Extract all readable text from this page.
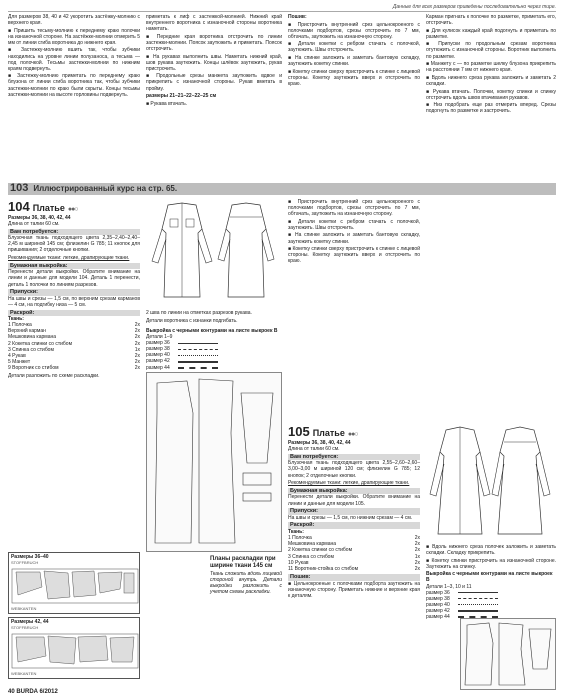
Данные для всех размеров приведены последовательно через тире.
Для размеров 38, 40 и 42 укоротить застёжку-молнию с верхнего края.
■ Пришить тесьму-молнию к переднему краю полочки на изнаночной стороне. На застёжке-молнии отмерить 5 мм от линии сгиба воротника до нижнего края.
■ Застежку-молнию вшить так, чтобы зубчики находились на уровне линии полузаноса, а тесьма — под полочкой. Тесьмы застежки-молнии по нижним краям подвернуть.
■ Застежку-молнию приметать по переднему краю блузона от линии сгиба воротника так, чтобы зубчики застежки-молнии по краю были скрыты. Концы тесьмы застежки-молнии на высоте горловины подвернуть.
приметать к лиф с застежкой-молнией. Нижний край внутреннего воротника с изнаночной стороны воротника наметать.
■ Передние края воротника отстрочить по линии застежки-молнии. Поясок заутюжить и приметать. Поясок отстрочить.
■ На рукавах выполнить швы. Наметать нижний край, шов рукава заутюжить. Концы шлёвок заутюжить, рукав пристрочить.
■ Продольные срезы манжета заутюжить вдвое и прикрепить с изнаночной стороны. Рукав вметать в пройму.
размеры 21–21–22–22–25 см
■ Рукава втачать.
Пошив:
■ Пристрочить внутренний срез цельнокроеного с полочками подбортов, срезы отстрочить по 7 мм, обтачать, заутюжить на изнаночную сторону.
■ Детали кокетки с ребром стачать с полочкой, заутюжить. Швы отстрочить.
■ На спинке заложить и заметать бантовую складку, заутюжить кокетку спинки.
■ Кокетку спинки сверху пристрочить к спинке с лицевой стороны. Кокетку заутюжить вверх и отстрочить по краю.
Карман пригнать к полочке по разметке, приметать его, отстрочить.
■ Для кулисок каждый край подогнуть и приметать по разметке.
■ Припуски по продольным срезам воротника отутюжить с изнаночной стороны. Воротник выполнить по разметке.
■ Манжету с — по разметке шелку блузона прикрепить на расстоянии 7 мм от нижнего края.
■ Вдоль нижнего среза рукава заложить и заметать 2 складки.
■ Рукава втачать. Полочки, кокетку спинки и спинку отстрочить вдоль швов втачивания рукавов.
■ Низ подобрать еще раз отмерить вперед. Срезы подогнуть по разметке и застрочить.
103 Иллюстрированный курс на стр. 65.
104 Платье ●●○
Размеры 36, 38, 40, 42, 44
Длина от талии 60 см.
Вам потребуется:
Блузочная ткань подходящего цвета 2,35–2,40–2,40–2,45 м шириной 145 см; флизелин G 785; 11 кнопок для пришивания; 2 отделочные кнопки.
Рекомендуемые ткани: легкие, драпирующие ткани.
Бумажная выкройка:
Перенести детали выкройки. Обратите внимание на линии и данные для модели 104. Деталь 1 перенести, деталь 1 полочки по линиям разрезов.
Припуски:
На швы и срезы — 1,5 см, по верхним срезам карманов — 4 см, на подгибку низа — 5 см.
Раскрой:
Ткань:
1 Полочка	2x
Верхний карман	2x
Мешковина кармана	2x
2 Кокетка спинки со стибом	2x
3 Спинка со стибом	1x
4 Рукав	2x
5 Манжет	2x
9 Воротник со стибом	2x
Детали разложить по схеме раскладки.
Размеры 36–40
STOFFBRUCH
WEBKANTEN
Размеры 42, 44
STOFFBRUCH
WEBKANTEN
2 шва по линии на отметках разрезов рукава.
Детали воротника с изнанки подгибать.
Выкройка с черными контурами на листе выкроек В
Детали 1–9
размер 36
размер 38
размер 40
размер 42
размер 44
Планы раскладки при ширине ткани 145 см
Ткань сложить вдоль лицевой стороной внутрь. Детали выкройки разложить с учетом схемы раскладки.
■ Пристрочить внутренний срез цельнокроеного с полочками подбортов, срезы отстрочить по 7 мм, обтачать, заутюжить на изнаночную сторону.
■ Детали кокетки с ребром стачать с полочкой, заутюжить. Швы отстрочить.
■ На спинке заложить и заметать бантовую складку, заутюжить кокетку спинки.
■ Кокетку спинки сверху пристрочить к спинке с лицевой стороны. Кокетку заутюжить вверх и отстрочить по краю.
105 Платье ●●○
Размеры 36, 38, 40, 42, 44
Длина от талии 60 см.
Вам потребуется:
Блузочная ткань подходящего цвета 2,55–2,60–2,60–3,00–3,00 м шириной 120 см; флизелин G 785; 12 кнопок; 2 отделочные кнопки.
Рекомендуемые ткани: легкие, драпирующие ткани.
Бумажная выкройка:
Перенести детали выкройки. Обратите внимание на линии и данные для модели 105.
Припуски:
На швы и срезы — 1,5 см, по нижним срезам — 4 см.
Раскрой:
Ткань:
1 Полочка	2x
Мешковина кармана	2x
2 Кокетка спинки со стибом	2x
3 Спинка со стибом	1x
10 Рукав	2x
11 Воротник-стойка со стибом	2x
Пошив:
■ Цельнокроеные с полочками подборта заутюжить на изнаночную сторону. Приметать нижние и верхние края к деталям.
■ Вдоль нижнего среза полочек заложить и заметать складки. Складку прикрепить.
■ Кокетку спинки пристрочить на изнаночной стороне. Заутюжить на спинку.
Выкройка с черными контурами на листе выкроек В
Детали 1–3, 10 и 11
размер 36
размер 38
размер 40
размер 42
размер 44
40 BURDA 6/2012
